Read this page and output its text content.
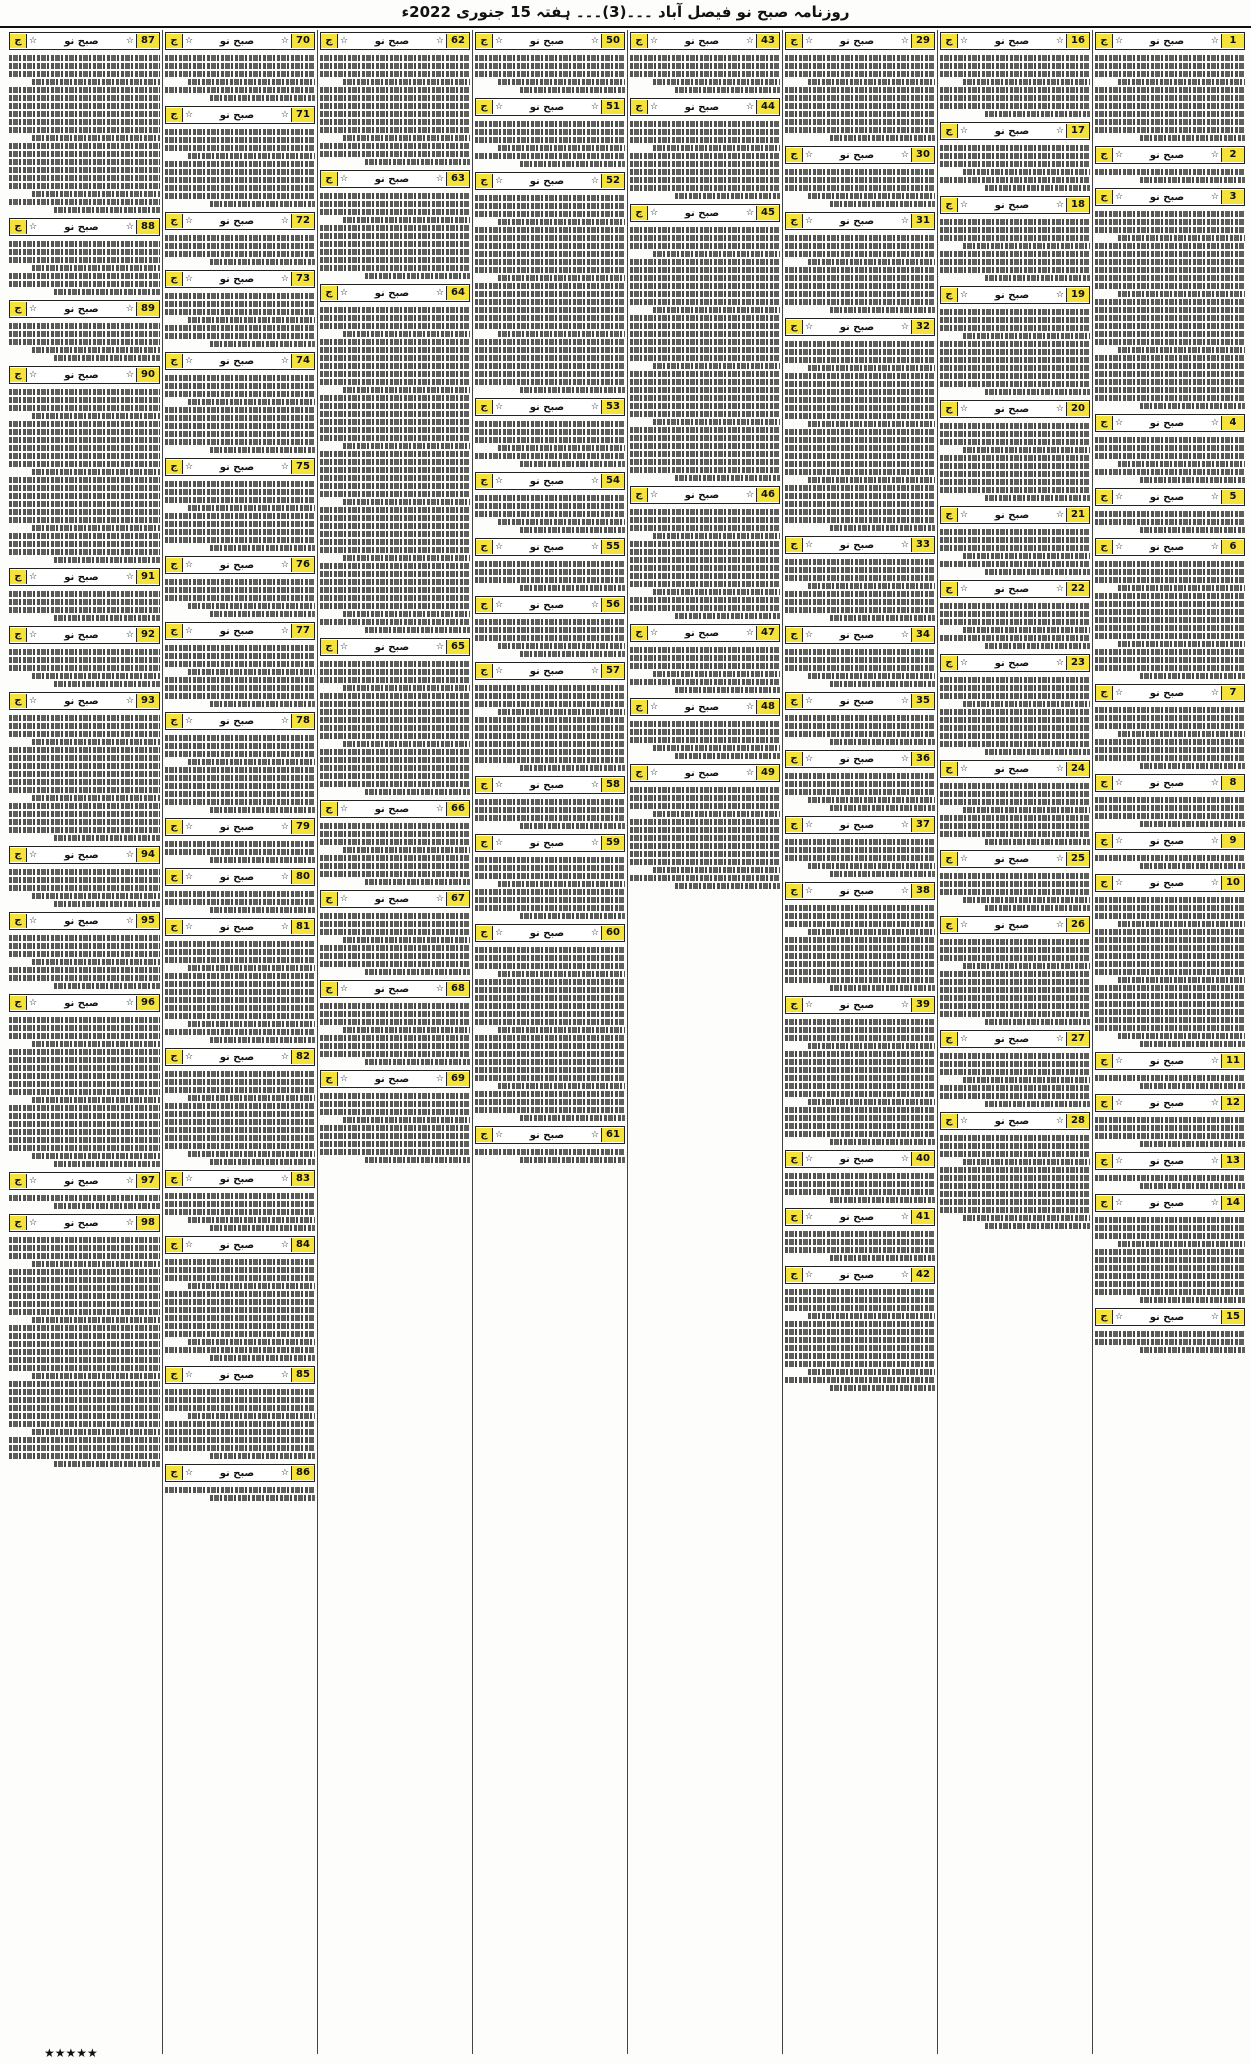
روزنامہ صبح نو فیصل آباد ۔۔۔(3)۔۔۔ ہفتہ 15 جنوری 2022ء
1
☆
صبح نو
☆
ج
2
☆
صبح نو
☆
ج
3
☆
صبح نو
☆
ج
4
☆
صبح نو
☆
ج
5
☆
صبح نو
☆
ج
6
☆
صبح نو
☆
ج
7
☆
صبح نو
☆
ج
8
☆
صبح نو
☆
ج
9
☆
صبح نو
☆
ج
10
☆
صبح نو
☆
ج
11
☆
صبح نو
☆
ج
12
☆
صبح نو
☆
ج
13
☆
صبح نو
☆
ج
14
☆
صبح نو
☆
ج
15
☆
صبح نو
☆
ج
16
☆
صبح نو
☆
ج
17
☆
صبح نو
☆
ج
18
☆
صبح نو
☆
ج
19
☆
صبح نو
☆
ج
20
☆
صبح نو
☆
ج
21
☆
صبح نو
☆
ج
22
☆
صبح نو
☆
ج
23
☆
صبح نو
☆
ج
24
☆
صبح نو
☆
ج
25
☆
صبح نو
☆
ج
26
☆
صبح نو
☆
ج
27
☆
صبح نو
☆
ج
28
☆
صبح نو
☆
ج
29
☆
صبح نو
☆
ج
30
☆
صبح نو
☆
ج
31
☆
صبح نو
☆
ج
32
☆
صبح نو
☆
ج
33
☆
صبح نو
☆
ج
34
☆
صبح نو
☆
ج
35
☆
صبح نو
☆
ج
36
☆
صبح نو
☆
ج
37
☆
صبح نو
☆
ج
38
☆
صبح نو
☆
ج
39
☆
صبح نو
☆
ج
40
☆
صبح نو
☆
ج
41
☆
صبح نو
☆
ج
42
☆
صبح نو
☆
ج
43
☆
صبح نو
☆
ج
44
☆
صبح نو
☆
ج
45
☆
صبح نو
☆
ج
46
☆
صبح نو
☆
ج
47
☆
صبح نو
☆
ج
48
☆
صبح نو
☆
ج
49
☆
صبح نو
☆
ج
50
☆
صبح نو
☆
ج
51
☆
صبح نو
☆
ج
52
☆
صبح نو
☆
ج
53
☆
صبح نو
☆
ج
54
☆
صبح نو
☆
ج
55
☆
صبح نو
☆
ج
56
☆
صبح نو
☆
ج
57
☆
صبح نو
☆
ج
58
☆
صبح نو
☆
ج
59
☆
صبح نو
☆
ج
60
☆
صبح نو
☆
ج
61
☆
صبح نو
☆
ج
62
☆
صبح نو
☆
ج
63
☆
صبح نو
☆
ج
64
☆
صبح نو
☆
ج
65
☆
صبح نو
☆
ج
66
☆
صبح نو
☆
ج
67
☆
صبح نو
☆
ج
68
☆
صبح نو
☆
ج
69
☆
صبح نو
☆
ج
70
☆
صبح نو
☆
ج
71
☆
صبح نو
☆
ج
72
☆
صبح نو
☆
ج
73
☆
صبح نو
☆
ج
74
☆
صبح نو
☆
ج
75
☆
صبح نو
☆
ج
76
☆
صبح نو
☆
ج
77
☆
صبح نو
☆
ج
78
☆
صبح نو
☆
ج
79
☆
صبح نو
☆
ج
80
☆
صبح نو
☆
ج
81
☆
صبح نو
☆
ج
82
☆
صبح نو
☆
ج
83
☆
صبح نو
☆
ج
84
☆
صبح نو
☆
ج
85
☆
صبح نو
☆
ج
86
☆
صبح نو
☆
ج
87
☆
صبح نو
☆
ج
88
☆
صبح نو
☆
ج
89
☆
صبح نو
☆
ج
90
☆
صبح نو
☆
ج
91
☆
صبح نو
☆
ج
92
☆
صبح نو
☆
ج
93
☆
صبح نو
☆
ج
94
☆
صبح نو
☆
ج
95
☆
صبح نو
☆
ج
96
☆
صبح نو
☆
ج
97
☆
صبح نو
☆
ج
98
☆
صبح نو
☆
ج
★★★★★
